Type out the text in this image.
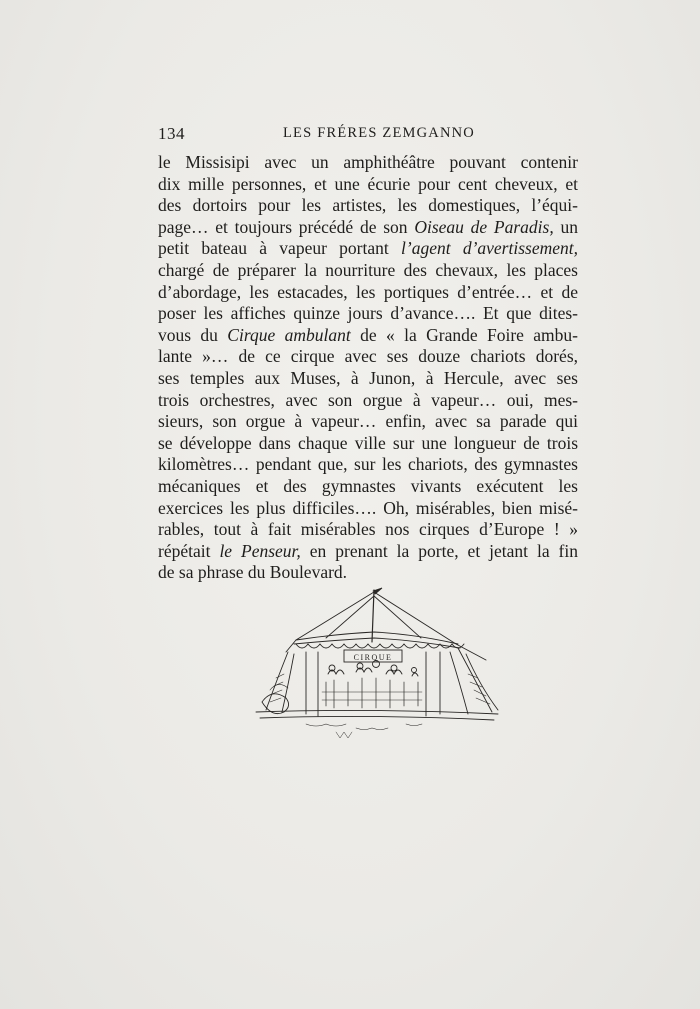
134	LES FRÉRES ZEMGANNO
le Missisipi avec un amphithéâtre pouvant contenir
dix mille personnes, et une écurie pour cent cheveux, et
des dortoirs pour les artistes, les domestiques, l’équi-
page… et toujours précédé de son Oiseau de Paradis, un
petit bateau à vapeur portant l’agent d’avertissement,
chargé de préparer la nourriture des chevaux, les places
d’abordage, les estacades, les portiques d’entrée… et de
poser les affiches quinze jours d’avance…. Et que dites-
vous du Cirque ambulant de « la Grande Foire ambu-
lante »… de ce cirque avec ses douze chariots dorés,
ses temples aux Muses, à Junon, à Hercule, avec ses
trois orchestres, avec son orgue à vapeur… oui, mes-
sieurs, son orgue à vapeur… enfin, avec sa parade qui
se développe dans chaque ville sur une longueur de trois
kilomètres… pendant que, sur les chariots, des gymnastes
mécaniques et des gymnastes vivants exécutent les
exercices les plus difficiles…. Oh, misérables, bien misé-
rables, tout à fait misérables nos cirques d’Europe ! »
répétait le Penseur, en prenant la porte, et jetant la fin
de sa phrase du Boulevard.
CIRQUE
